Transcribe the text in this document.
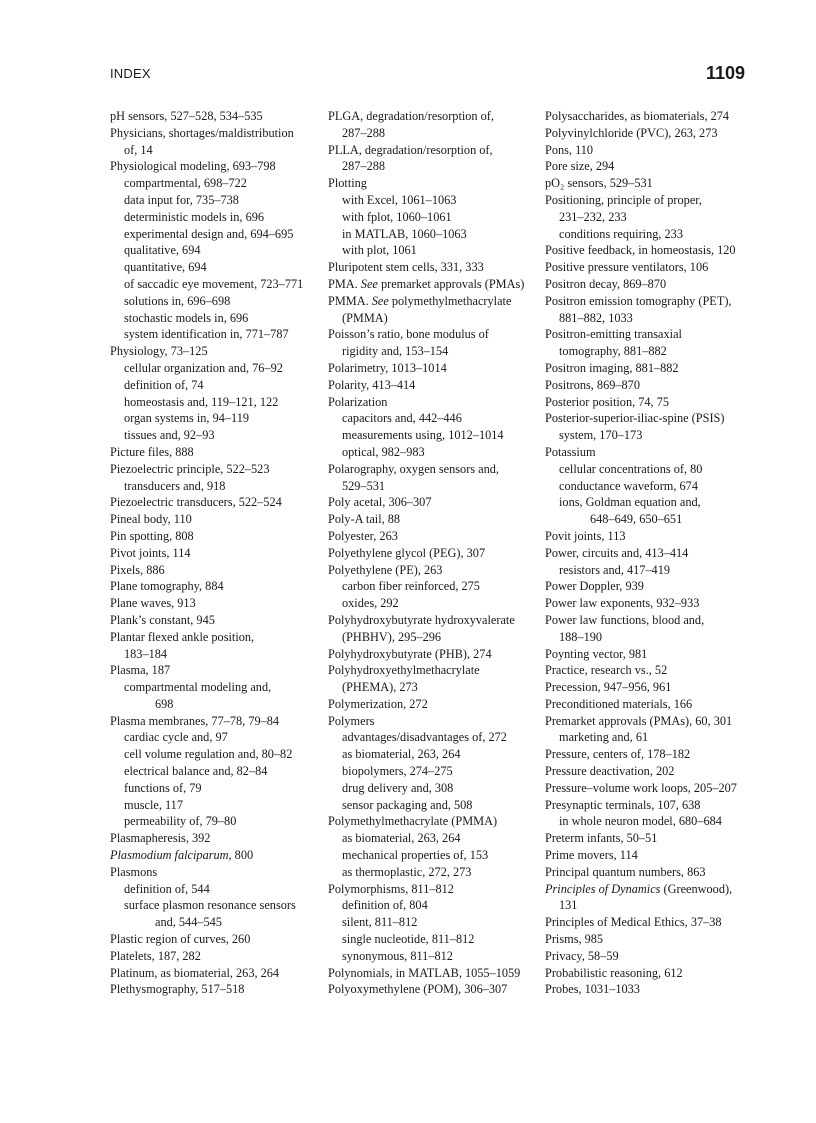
INDEX	1109
pH sensors, 527–528, 534–535
Physicians, shortages/maldistribution
of, 14
Physiological modeling, 693–798
compartmental, 698–722
data input for, 735–738
deterministic models in, 696
experimental design and, 694–695
qualitative, 694
quantitative, 694
of saccadic eye movement, 723–771
solutions in, 696–698
stochastic models in, 696
system identification in, 771–787
Physiology, 73–125
cellular organization and, 76–92
definition of, 74
homeostasis and, 119–121, 122
organ systems in, 94–119
tissues and, 92–93
Picture files, 888
Piezoelectric principle, 522–523
transducers and, 918
Piezoelectric transducers, 522–524
Pineal body, 110
Pin spotting, 808
Pivot joints, 114
Pixels, 886
Plane tomography, 884
Plane waves, 913
Plank’s constant, 945
Plantar flexed ankle position,
183–184
Plasma, 187
compartmental modeling and,
698
Plasma membranes, 77–78, 79–84
cardiac cycle and, 97
cell volume regulation and, 80–82
electrical balance and, 82–84
functions of, 79
muscle, 117
permeability of, 79–80
Plasmapheresis, 392
Plasmodium falciparum, 800
Plasmons
definition of, 544
surface plasmon resonance sensors
and, 544–545
Plastic region of curves, 260
Platelets, 187, 282
Platinum, as biomaterial, 263, 264
Plethysmography, 517–518
PLGA, degradation/resorption of,
287–288
PLLA, degradation/resorption of,
287–288
Plotting
with Excel, 1061–1063
with fplot, 1060–1061
in MATLAB, 1060–1063
with plot, 1061
Pluripotent stem cells, 331, 333
PMA. See premarket approvals (PMAs)
PMMA. See polymethylmethacrylate
(PMMA)
Poisson’s ratio, bone modulus of
rigidity and, 153–154
Polarimetry, 1013–1014
Polarity, 413–414
Polarization
capacitors and, 442–446
measurements using, 1012–1014
optical, 982–983
Polarography, oxygen sensors and,
529–531
Poly acetal, 306–307
Poly-A tail, 88
Polyester, 263
Polyethylene glycol (PEG), 307
Polyethylene (PE), 263
carbon fiber reinforced, 275
oxides, 292
Polyhydroxybutyrate hydroxyvalerate
(PHBHV), 295–296
Polyhydroxybutyrate (PHB), 274
Polyhydroxyethylmethacrylate
(PHEMA), 273
Polymerization, 272
Polymers
advantages/disadvantages of, 272
as biomaterial, 263, 264
biopolymers, 274–275
drug delivery and, 308
sensor packaging and, 508
Polymethylmethacrylate (PMMA)
as biomaterial, 263, 264
mechanical properties of, 153
as thermoplastic, 272, 273
Polymorphisms, 811–812
definition of, 804
silent, 811–812
single nucleotide, 811–812
synonymous, 811–812
Polynomials, in MATLAB, 1055–1059
Polyoxymethylene (POM), 306–307
Polysaccharides, as biomaterials, 274
Polyvinylchloride (PVC), 263, 273
Pons, 110
Pore size, 294
pO₂ sensors, 529–531
Positioning, principle of proper,
231–232, 233
conditions requiring, 233
Positive feedback, in homeostasis, 120
Positive pressure ventilators, 106
Positron decay, 869–870
Positron emission tomography (PET),
881–882, 1033
Positron-emitting transaxial
tomography, 881–882
Positron imaging, 881–882
Positrons, 869–870
Posterior position, 74, 75
Posterior-superior-iliac-spine (PSIS)
system, 170–173
Potassium
cellular concentrations of, 80
conductance waveform, 674
ions, Goldman equation and,
648–649, 650–651
Povit joints, 113
Power, circuits and, 413–414
resistors and, 417–419
Power Doppler, 939
Power law exponents, 932–933
Power law functions, blood and,
188–190
Poynting vector, 981
Practice, research vs., 52
Precession, 947–956, 961
Preconditioned materials, 166
Premarket approvals (PMAs), 60, 301
marketing and, 61
Pressure, centers of, 178–182
Pressure deactivation, 202
Pressure–volume work loops, 205–207
Presynaptic terminals, 107, 638
in whole neuron model, 680–684
Preterm infants, 50–51
Prime movers, 114
Principal quantum numbers, 863
Principles of Dynamics (Greenwood),
131
Principles of Medical Ethics, 37–38
Prisms, 985
Privacy, 58–59
Probabilistic reasoning, 612
Probes, 1031–1033
